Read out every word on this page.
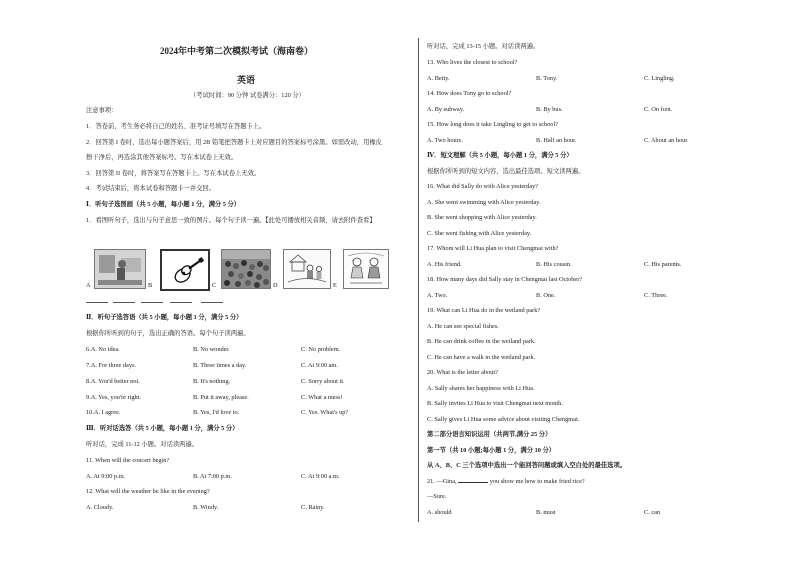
2024年中考第二次模拟考试（海南卷）
英语
（考试时间：90 分钟 试卷满分：120 分）
注意事项：
1．答卷前，考生务必将自己的姓名、准考证号填写在答题卡上。
2．回答第 I 卷时，选出每小题答案后，用 2B 铅笔把答题卡上对应题目的答案标号涂黑。如需改动，用橡皮
擦干净后，再选涂其他答案标号。写在本试卷上无效。
3．回答第 II 卷时，将答案写在答题卡上。写在本试卷上无效。
4．考试结束后，将本试卷和答题卡一并交回。
Ⅰ．听句子选图画（共 5 小题，每小题 1 分，满分 5 分）
1．看图听句子，选出与句子意思一致的图片。每个句子读一遍。【此处可播放相关音频，请去附件查看】
A	B	C	D	E
Ⅱ．听句子选答语（共 5 小题，每小题 1 分，满分 5 分）
根据你所听到的句子，选出正确的答语。每个句子读两遍。
6.A. No idea.	B. No wonder.	C. No problem.
7.A. For three days.	B. Three times a day.	C. At 9:00 am.
8.A. You'd better not.	B. It's nothing.	C. Sorry about it.
9.A. Yes, you're right.	B. Put it away, please.	C. What a mess!
10.A. I agree.	B. Yes, I'd love to.	C. Yes. What's up?
Ⅲ．听对话选答（共 5 小题，每小题 1 分，满分 5 分）
听对话，完成 11-12 小题。对话读两遍。
11. When will the concert begin?
A. At 9:00 p.m.	B. At 7:00 p.m.	C. At 9:00 a.m.
12. What will the weather be like in the evening?
A. Cloudy.	B. Windy.	C. Rainy.
听对话，完成 13-15 小题。对话读两遍。
13. Who lives the closest to school?
A. Betty.	B. Tony.	C. Lingling.
14. How does Tony go to school?
A. By subway.	B. By bus.	C. On foot.
15. How long does it take Lingling to get to school?
A. Two hours.	B. Half an hour.	C. About an hour.
Ⅳ．短文理解（共 5 小题，每小题 1 分，满分 5 分）
根据你所听到的短文内容，选出最佳选项。短文读两遍。
16. What did Sally do with Alice yesterday?
A. She went swimming with Alice yesterday.
B. She went shopping with Alice yesterday.
C. She went fishing with Alice yesterday.
17. Whom will Li Hua plan to visit Chengmai with?
A. His friend.	B. His cousin.	C. His parents.
18. How many days did Sally stay in Chengmai last October?
A. Two.	B. One.	C. Three.
19. What can Li Hua do in the wetland park?
A. He can see special fishes.
B. He can drink coffee in the wetland park.
C. He can have a walk in the wetland park.
20. What is the letter about?
A. Sally shares her happiness with Li Hua.
B. Sally invites Li Hua to visit Chengmai next month.
C. Sally gives Li Hua some advice about visiting Chengmai.
第二部分语言知识运用（共两节,满分 25 分）
第一节（共 10 小题;每小题 1 分，满分 10 分）
从 A、B、C 三个选项中选出一个能回答问题或填入空白处的最佳选项。
21. —Gina,	you show me how to make fried rice?
—Sure.
A. should	B. must	C. can
